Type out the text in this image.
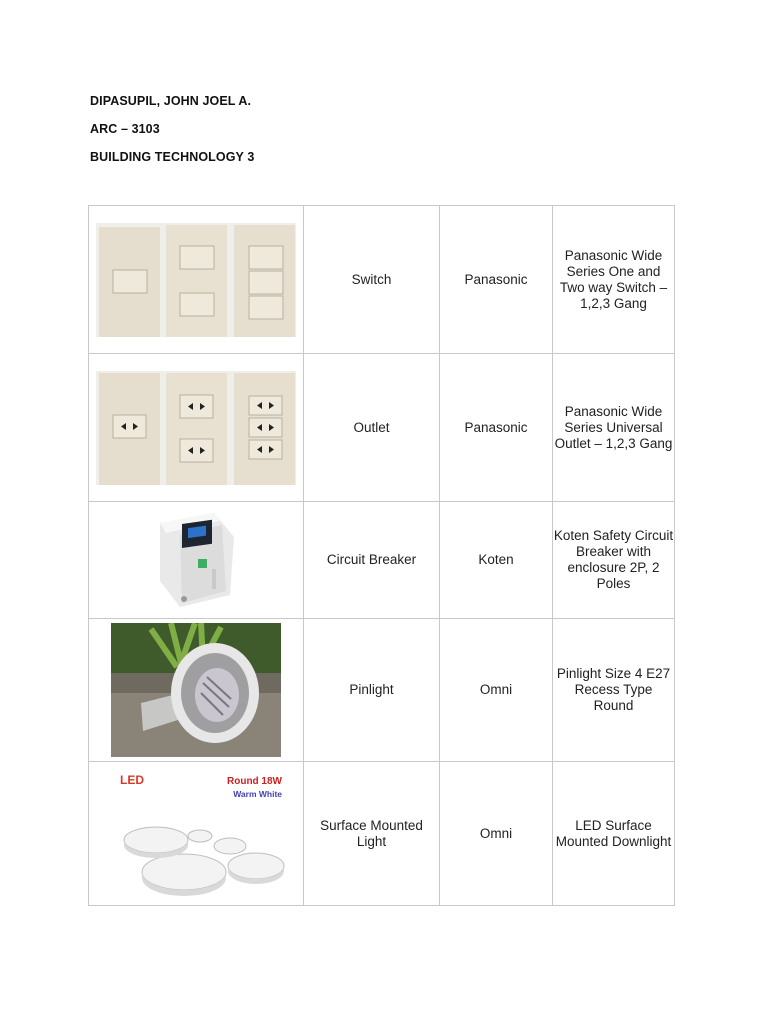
DIPASUPIL, JOHN JOEL A.
ARC – 3103
BUILDING TECHNOLOGY 3
	Switch	Panasonic	Panasonic Wide Series One and Two way Switch – 1,2,3 Gang

	Outlet	Panasonic	Panasonic Wide Series Universal Outlet – 1,2,3 Gang

	Circuit Breaker	Koten	Koten Safety Circuit Breaker with enclosure 2P, 2 Poles

	Pinlight	Omni	Pinlight Size 4 E27 Recess Type Round

LED Round 18W
Warm White	Surface Mounted Light	Omni	LED Surface Mounted Downlight
